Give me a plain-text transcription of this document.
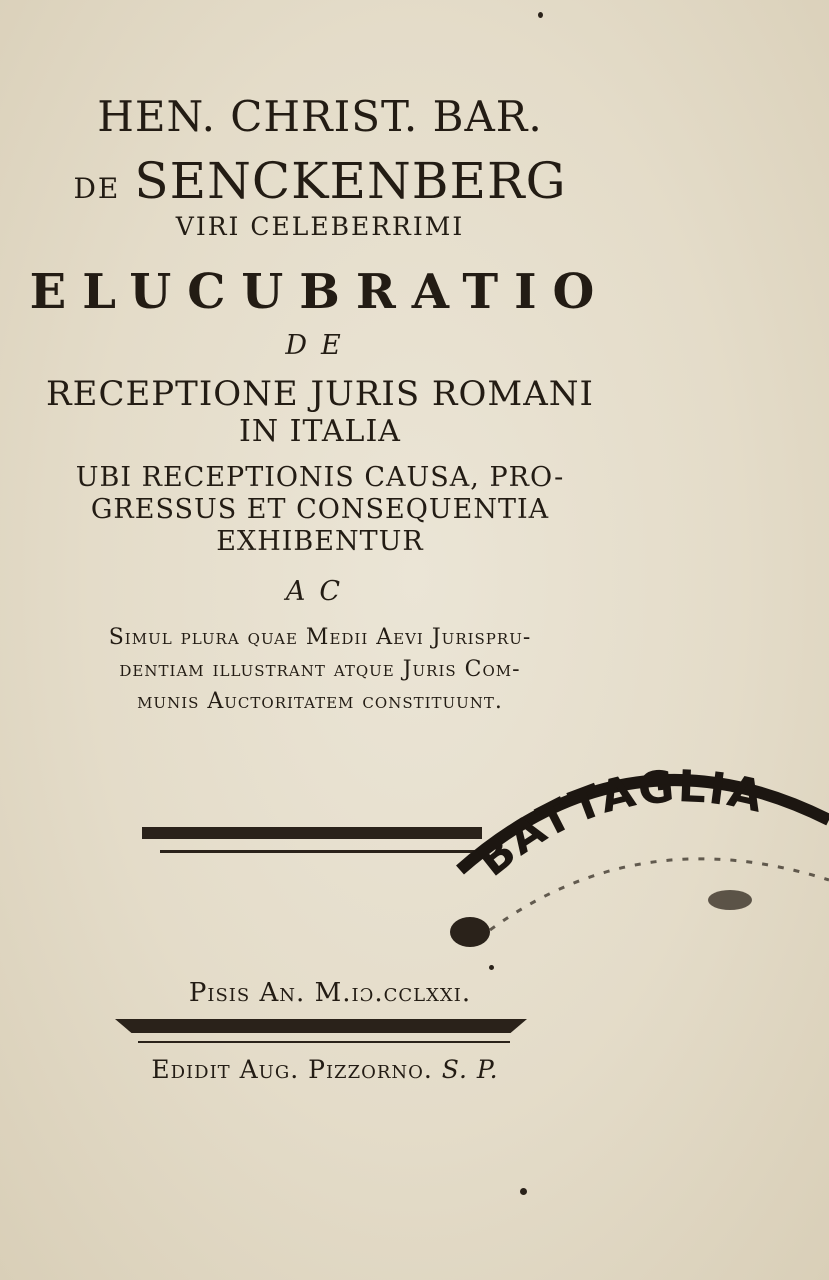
HEN. CHRIST. BAR.
DE SENCKENBERG
VIRI CELEBERRIMI
ELUCUBRATIO
DE
RECEPTIONE JURIS ROMANI
IN ITALIA
UBI RECEPTIONIS CAUSA, PRO-
GRESSUS ET CONSEQUENTIA
EXHIBENTUR
AC
Simul plura quae Medii Aevi Jurispru-
dentiam illustrant atque Juris Com-
munis Auctoritatem constituunt.
BATTAGLIA
Pisis An. M.ıɔ.cclxxi.
Edidit Aug. Pizzorno. S. P.
